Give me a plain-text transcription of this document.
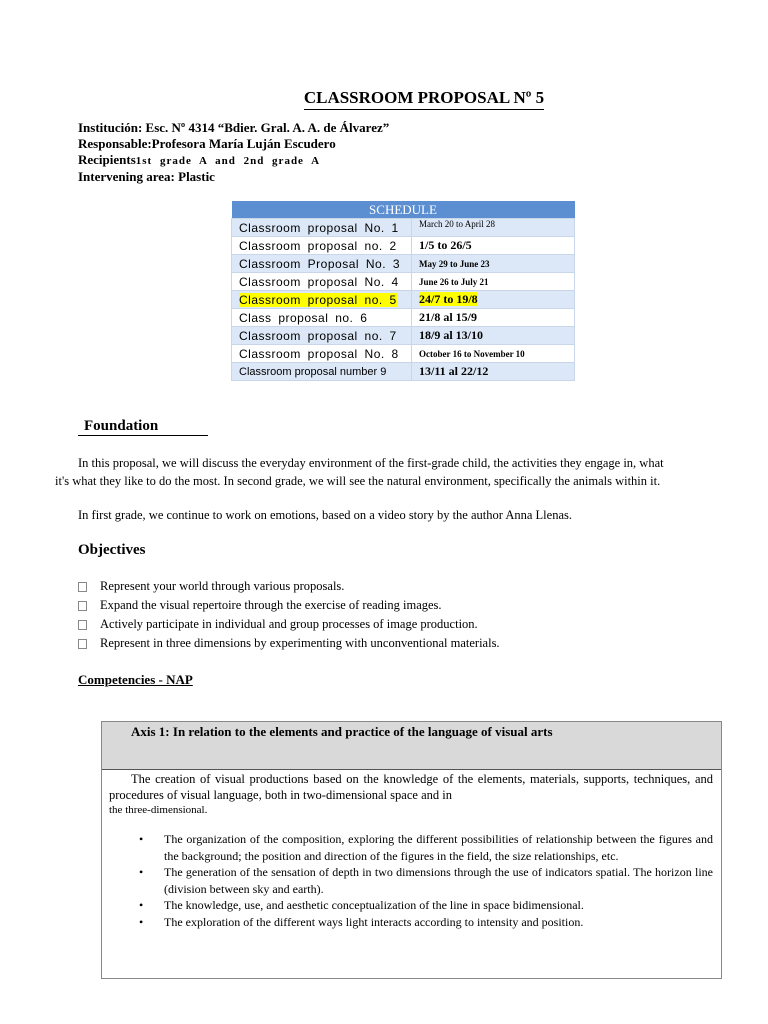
CLASSROOM PROPOSAL Nº 5
Institución: Esc. Nº 4314 “Bdier. Gral. A. A. de Álvarez”
Responsable:Profesora María Luján Escudero
Recipients1st grade A and 2nd grade A
Intervening area: Plastic
SCHEDULE	
Classroom proposal No. 1	March 20 to April 28
Classroom proposal no. 2	1/5 to 26/5
Classroom Proposal No. 3	May 29 to June 23
Classroom proposal No. 4	June 26 to July 21
Classroom proposal no. 5	24/7 to 19/8
Class proposal no. 6	21/8 al 15/9
Classroom proposal no. 7	18/9 al 13/10
Classroom proposal No. 8	October 16 to November 10
Classroom proposal number 9	13/11 al 22/12
Foundation
In this proposal, we will discuss the everyday environment of the first-grade child, the activities they engage in, what
it's what they like to do the most. In second grade, we will see the natural environment, specifically the animals within it.
In first grade, we continue to work on emotions, based on a video story by the author Anna Llenas.
Objectives
Represent your world through various proposals.
Expand the visual repertoire through the exercise of reading images.
Actively participate in individual and group processes of image production.
Represent in three dimensions by experimenting with unconventional materials.
Competencies - NAP
Axis 1: In relation to the elements and practice of the language of visual arts
The creation of visual productions based on the knowledge of the elements, materials, supports, techniques, and procedures of visual language, both in two-dimensional space and in
the three-dimensional.
• The organization of the composition, exploring the different possibilities of relationship between the figures and the background; the position and direction of the figures in the field, the size relationships, etc.
• The generation of the sensation of depth in two dimensions through the use of indicators spatial. The horizon line (division between sky and earth).
• The knowledge, use, and aesthetic conceptualization of the line in space bidimensional.
• The exploration of the different ways light interacts according to intensity and position.
